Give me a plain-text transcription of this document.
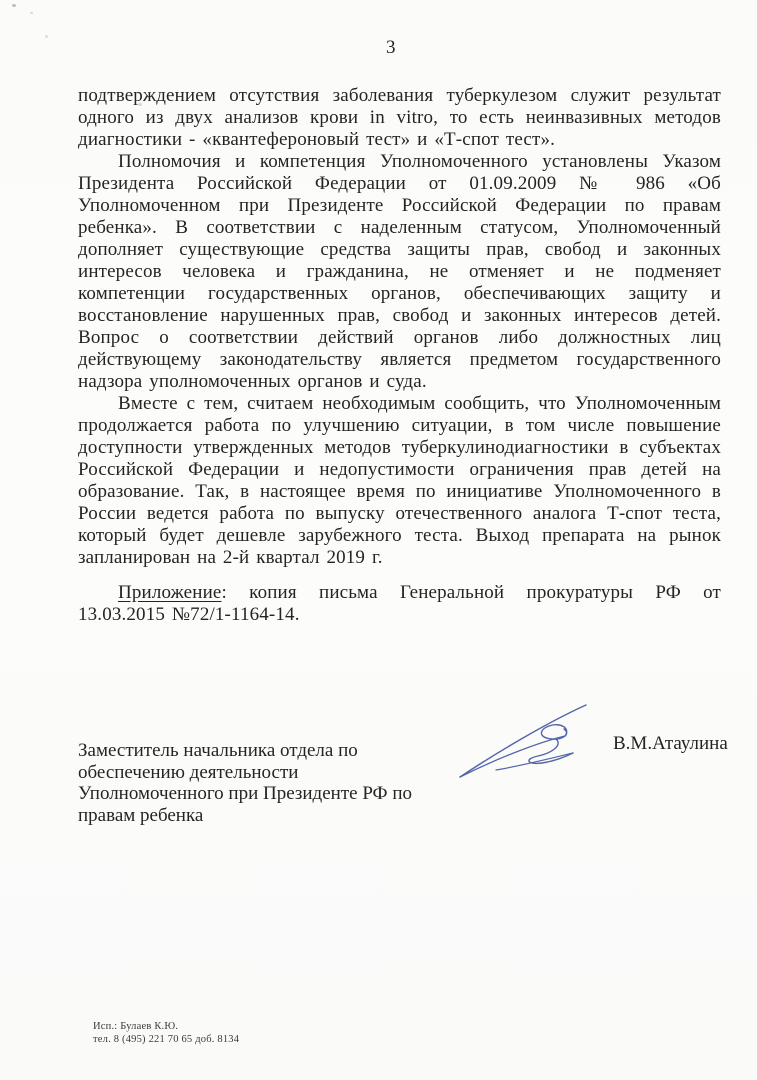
3

подтверждением отсутствия заболевания туберкулезом служит результат одного из двух анализов крови in vitro, то есть неинвазивных методов диагностики - «квантефероновый тест» и «Т-спот тест».

Полномочия и компетенция Уполномоченного установлены Указом Президента Российской Федерации от 01.09.2009 № 986 «Об Уполномоченном при Президенте Российской Федерации по правам ребенка». В соответствии с наделенным статусом, Уполномоченный дополняет существующие средства защиты прав, свобод и законных интересов человека и гражданина, не отменяет и не подменяет компетенции государственных органов, обеспечивающих защиту и восстановление нарушенных прав, свобод и законных интересов детей. Вопрос о соответствии действий органов либо должностных лиц действующему законодательству является предметом государственного надзора уполномоченных органов и суда.

Вместе с тем, считаем необходимым сообщить, что Уполномоченным продолжается работа по улучшению ситуации, в том числе повышение доступности утвержденных методов туберкулинодиагностики в субъектах Российской Федерации и недопустимости ограничения прав детей на образование. Так, в настоящее время по инициативе Уполномоченного в России ведется работа по выпуску отечественного аналога Т-спот теста, который будет дешевле зарубежного теста. Выход препарата на рынок запланирован на 2-й квартал 2019 г.

Приложение: копия письма Генеральной прокуратуры РФ от 13.03.2015 №72/1-1164-14.

Заместитель начальника отдела по
обеспечению деятельности
Уполномоченного при Президенте РФ по
правам ребенка
В.М.Атаулина
Исп.: Булаев К.Ю.
тел. 8 (495) 221 70 65 доб. 8134
